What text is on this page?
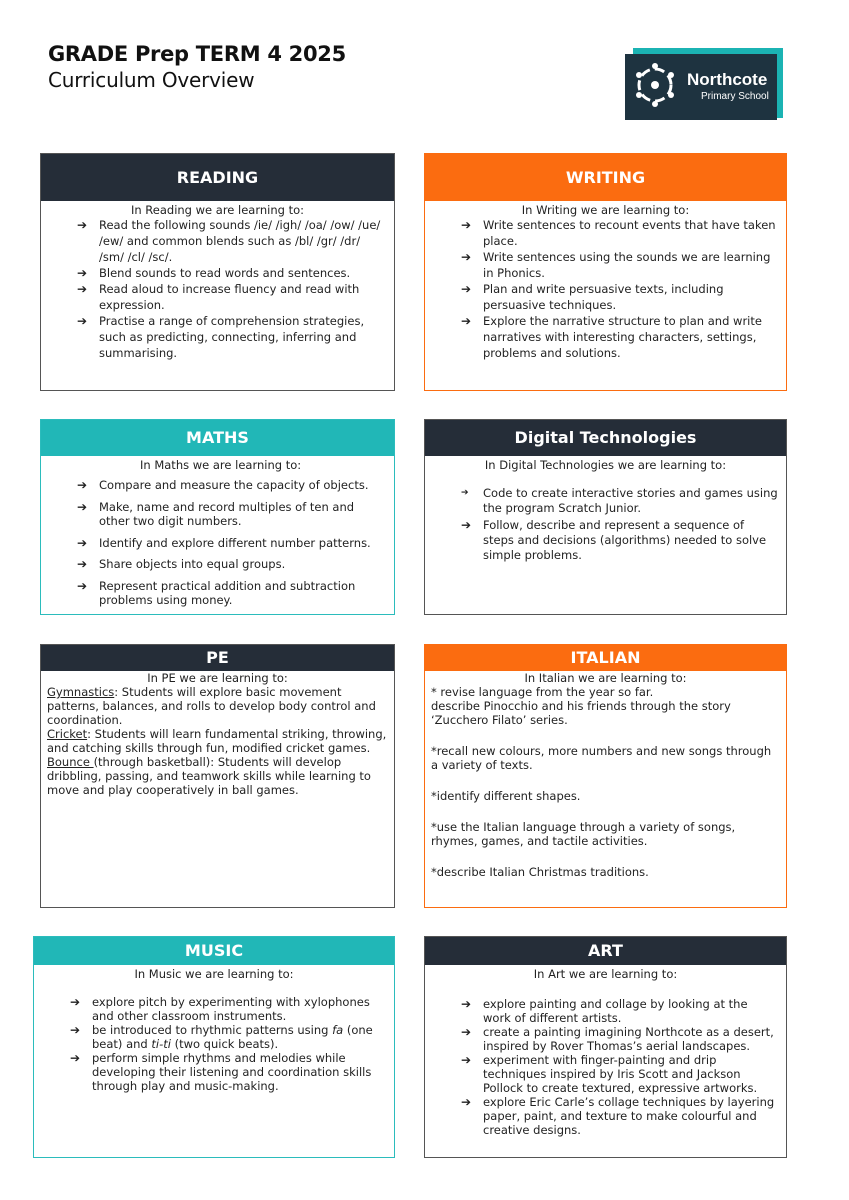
GRADE Prep TERM 4 2025
Curriculum Overview	Northcote
Primary School
READING
In Reading we are learning to:
➔ Read the following sounds /ie/ /igh/ /oa/ /ow/ /ue/ /ew/ and common blends such as /bl/ /gr/ /dr/ /sm/ /cl/ /sc/.
➔ Blend sounds to read words and sentences.
➔ Read aloud to increase fluency and read with expression.
➔ Practise a range of comprehension strategies, such as predicting, connecting, inferring and summarising.
WRITING
In Writing we are learning to:
➔ Write sentences to recount events that have taken place.
➔ Write sentences using the sounds we are learning in Phonics.
➔ Plan and write persuasive texts, including persuasive techniques.
➔ Explore the narrative structure to plan and write narratives with interesting characters, settings, problems and solutions.
MATHS
In Maths we are learning to:
➔ Compare and measure the capacity of objects.
➔ Make, name and record multiples of ten and other two digit numbers.
➔ Identify and explore different number patterns.
➔ Share objects into equal groups.
➔ Represent practical addition and subtraction problems using money.
Digital Technologies
In Digital Technologies we are learning to:
➔ Code to create interactive stories and games using the program Scratch Junior.
➔ Follow, describe and represent a sequence of steps and decisions (algorithms) needed to solve simple problems.
PE
In PE we are learning to:
Gymnastics: Students will explore basic movement patterns, balances, and rolls to develop body control and coordination.
Cricket: Students will learn fundamental striking, throwing, and catching skills through fun, modified cricket games.
Bounce (through basketball): Students will develop dribbling, passing, and teamwork skills while learning to move and play cooperatively in ball games.
ITALIAN
In Italian we are learning to:
* revise language from the year so far.
describe Pinocchio and his friends through the story ‘Zucchero Filato’ series.
*recall new colours, more numbers and new songs through a variety of texts.
*identify different shapes.
*use the Italian language through a variety of songs, rhymes, games, and tactile activities.
*describe Italian Christmas traditions.
MUSIC
In Music we are learning to:
➔ explore pitch by experimenting with xylophones and other classroom instruments.
➔ be introduced to rhythmic patterns using fa (one beat) and ti-ti (two quick beats).
➔ perform simple rhythms and melodies while developing their listening and coordination skills through play and music-making.
ART
In Art we are learning to:
➔ explore painting and collage by looking at the work of different artists.
➔ create a painting imagining Northcote as a desert, inspired by Rover Thomas’s aerial landscapes.
➔ experiment with finger-painting and drip techniques inspired by Iris Scott and Jackson Pollock to create textured, expressive artworks.
➔ explore Eric Carle’s collage techniques by layering paper, paint, and texture to make colourful and creative designs.
